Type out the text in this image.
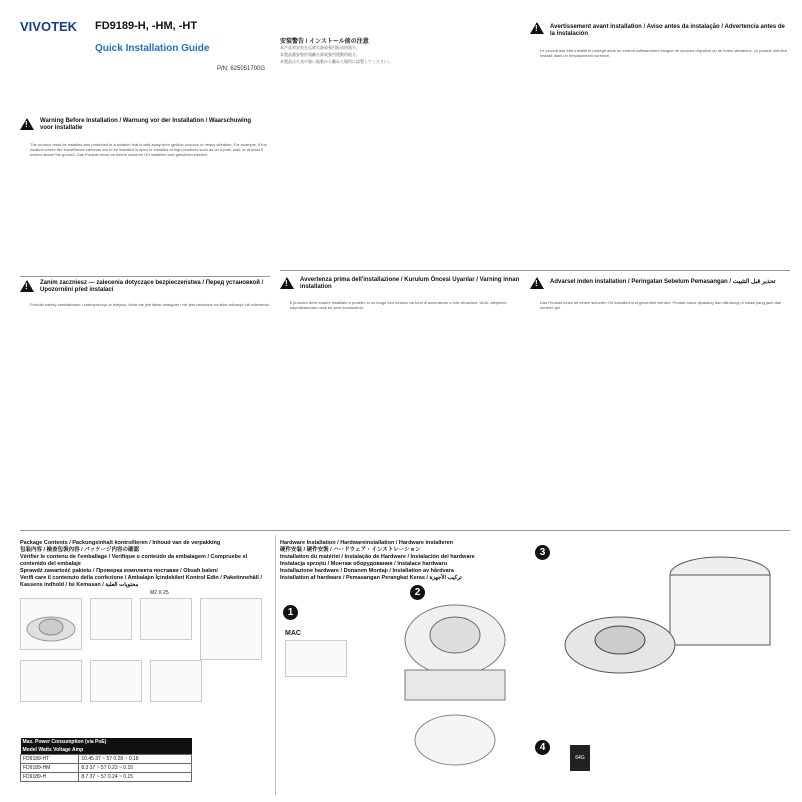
VIVOTEK FD9189-H, -HM, -HT
Quick Installation Guide
P/N: 625051700G
安装警告 / インストール前の注意

本产品须安装在远离火源或强烈振动的地方。

本製品應安裝於遠離火源或強烈震動的地方。

本製品は火気や強い振動から離れた場所に設置してください。

!
Warning Before Installation / Warnung vor der Installation / Waarschuwing voor installatie
The product must be installed and protected in a location that is well away from ignition sources or heavy vibration. For example, if the location where the surveillance cameras are to be installed is open or installed at high positions such as on a pole, wall, or at least 3 meters above the ground. Das Produkt muss an einem sicheren Ort installiert und geschützt werden.
!
Zanim zaczniesz — zalecenia dotyczące bezpieczeństwa / Перед установкой / Upozornění před instalací
Produkt należy zainstalować i zabezpieczyć w miejscu, które nie jest łatwo dostępne i nie jest narażone na silne wibracje lub uderzenia.
!
Avertissement avant installation / Aviso antes da instalação / Advertencia antes de la instalación
Le produit doit être installé et protégé dans un endroit suffisamment éloigné de sources d'ignition ou de fortes vibrations. Le produit doit être installé dans un emplacement surélevé.
!
Avvertenza prima dell'installazione / Kurulum Öncesi Uyarılar / Varning innan installation
Il prodotto deve essere installato e protetto in un luogo ben lontano da fonti di accensione o forti vibrazioni. Ürün, ateşleme kaynaklarından uzak bir yere kurulmalıdır.
!
Advarsel inden installation / Peringatan Sebelum Pemasangan / تحذير قبل التثبيت
Das Produkt muss an einem sicheren Ort installiert und geschützt werden. Produk harus dipasang dan dilindungi di lokasi yang jauh dari sumber api.
Package Contents / Packungsinhalt kontrollieren / Inhoud van de verpakking
包装内容 / 檢查包裝內容 / パッケージ内容の確認
Vérifier le contenu de l'emballage / Verifique o conteúdo da embalagem / Compruebe el contenido del embalaje
Sprawdź zawartość pakietu / Проверка комплекта поставки / Obsah balení
Verifi care il contenuto della confezione / Ambalajın İçindekileri Kontrol Edin / Paketinnehåll / Kassens indhold / Isi Kemasan / محتويات العلبة
M2 X 25
Max. Power Consumption (via PoE)	
Model Watts Voltage Amp	
FD9189-HT	10.45 37 ~ 57 0.28 ~ 0.18
FD9189-HM	8.3 37 ~ 57 0.22 ~ 0.15
FD9189-H	8.7 37 ~ 57 0.24 ~ 0.15
Hardware Installation / Hardwareinstallation / Hardware installeren
硬件安装 / 硬件安裝 / ハードウェア・インストレーション
Installation du matériel / Instalação de Hardware / Instalación del hardware
Instalacja sprzętu / Монтаж оборудования / Instalace hardwaru
Installazione hardware / Donanım Montajı / Installation av hårdvara
Installation af hardware / Pemasangan Perangkat Keras / تركيب الأجهزة
1
MAC
2
3
4
64G
